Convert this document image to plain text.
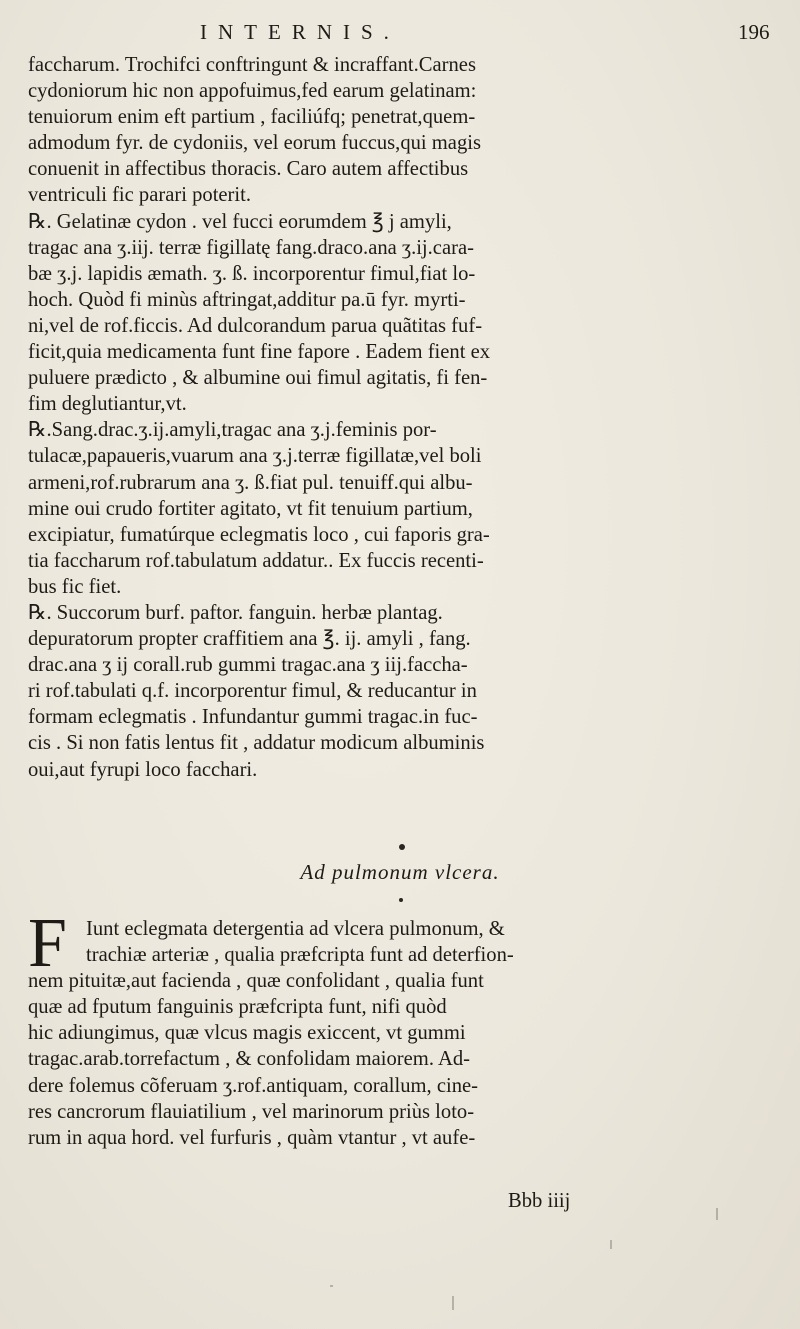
INTERNIS.	196
faccharum. Trochifci conftringunt & incraffant.Carnes
cydoniorum hic non appofuimus,fed earum gelatinam:
tenuiorum enim eft partium , faciliúfq; penetrat,quem-
admodum fyr. de cydoniis, vel eorum fuccus,qui magis
conuenit in affectibus thoracis. Caro autem affectibus
ventriculi fic parari poterit.
℞. Gelatinæ cydon . vel fucci eorumdem ℥ j amyli,
tragac ana ʒ.iij. terræ figillatę fang.draco.ana ʒ.ij.cara-
bæ ʒ.j. lapidis æmath. ʒ. ß. incorporentur fimul,fiat lo-
hoch. Quòd fi minùs aftringat,additur pa.ū fyr. myrti-
ni,vel de rof.ficcis. Ad dulcorandum parua quãtitas fuf-
ficit,quia medicamenta funt fine fapore . Eadem fient ex
puluere prædicto , & albumine oui fimul agitatis, fi fen-
fim deglutiantur,vt.
℞.Sang.drac.ʒ.ij.amyli,tragac ana ʒ.j.feminis por-
tulacæ,papaueris,vuarum ana ʒ.j.terræ figillatæ,vel boli
armeni,rof.rubrarum ana ʒ. ß.fiat pul. tenuiff.qui albu-
mine oui crudo fortiter agitato, vt fit tenuium partium,
excipiatur, fumatúrque eclegmatis loco , cui faporis gra-
tia faccharum rof.tabulatum addatur.. Ex fuccis recenti-
bus fic fiet.
℞. Succorum burf. paftor. fanguin. herbæ plantag.
depuratorum propter craffitiem ana ℥. ij. amyli , fang.
drac.ana ʒ ij corall.rub gummi tragac.ana ʒ iij.faccha-
ri rof.tabulati q.f. incorporentur fimul, & reducantur in
formam eclegmatis . Infundantur gummi tragac.in fuc-
cis . Si non fatis lentus fit , addatur modicum albuminis
oui,aut fyrupi loco facchari.
Ad pulmonum vlcera.
F Iunt eclegmata detergentia ad vlcera pulmonum, &
trachiæ arteriæ , qualia præfcripta funt ad deterfion-
nem pituitæ,aut facienda , quæ confolidant , qualia funt
quæ ad fputum fanguinis præfcripta funt, nifi quòd
hic adiungimus, quæ vlcus magis exiccent, vt gummi
tragac.arab.torrefactum , & confolidam maiorem. Ad-
dere folemus cõferuam ʒ.rof.antiquam, corallum, cine-
res cancrorum flauiatilium , vel marinorum priùs loto-
rum in aqua hord. vel furfuris , quàm vtantur , vt aufe-
Bbb iiij
